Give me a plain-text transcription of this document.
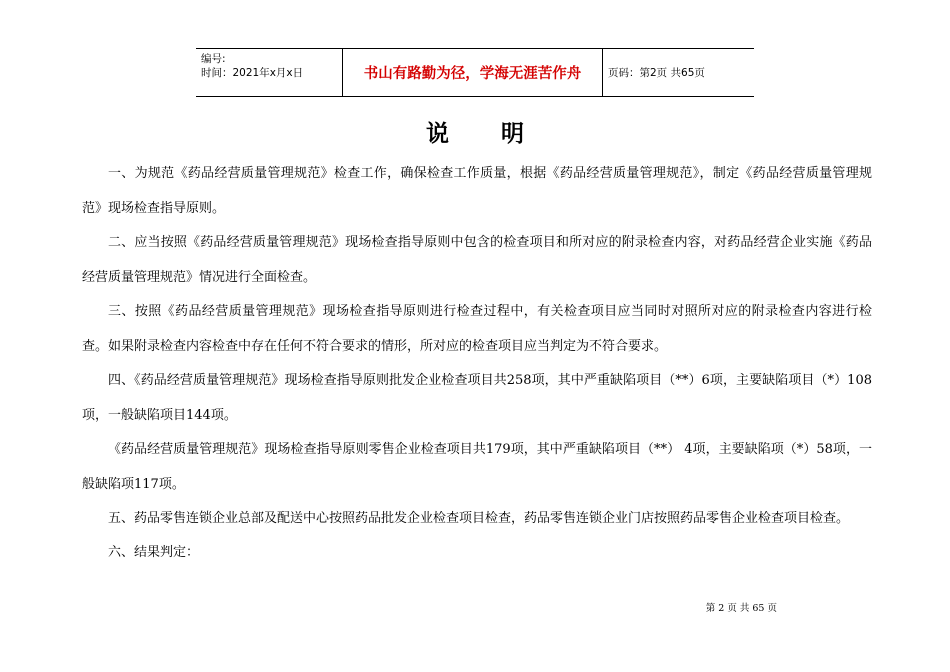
编号:
时间：2021年x月x日	书山有路勤为径，学海无涯苦作舟	页码：第2页 共65页
说 明
一、为规范《药品经营质量管理规范》检查工作，确保检查工作质量，根据《药品经营质量管理规范》，制定《药品经营质量管理规范》现场检查指导原则。
二、应当按照《药品经营质量管理规范》现场检查指导原则中包含的检查项目和所对应的附录检查内容，对药品经营企业实施《药品经营质量管理规范》情况进行全面检查。
三、按照《药品经营质量管理规范》现场检查指导原则进行检查过程中，有关检查项目应当同时对照所对应的附录检查内容进行检查。如果附录检查内容检查中存在任何不符合要求的情形，所对应的检查项目应当判定为不符合要求。
四、《药品经营质量管理规范》现场检查指导原则批发企业检查项目共258项，其中严重缺陷项目（**）6项，主要缺陷项目（*）108项，一般缺陷项目144项。
《药品经营质量管理规范》现场检查指导原则零售企业检查项目共179项，其中严重缺陷项目（**） 4项，主要缺陷项（*）58项，一般缺陷项117项。
五、药品零售连锁企业总部及配送中心按照药品批发企业检查项目检查，药品零售连锁企业门店按照药品零售企业检查项目检查。
六、结果判定：
第 2 页 共 65 页
